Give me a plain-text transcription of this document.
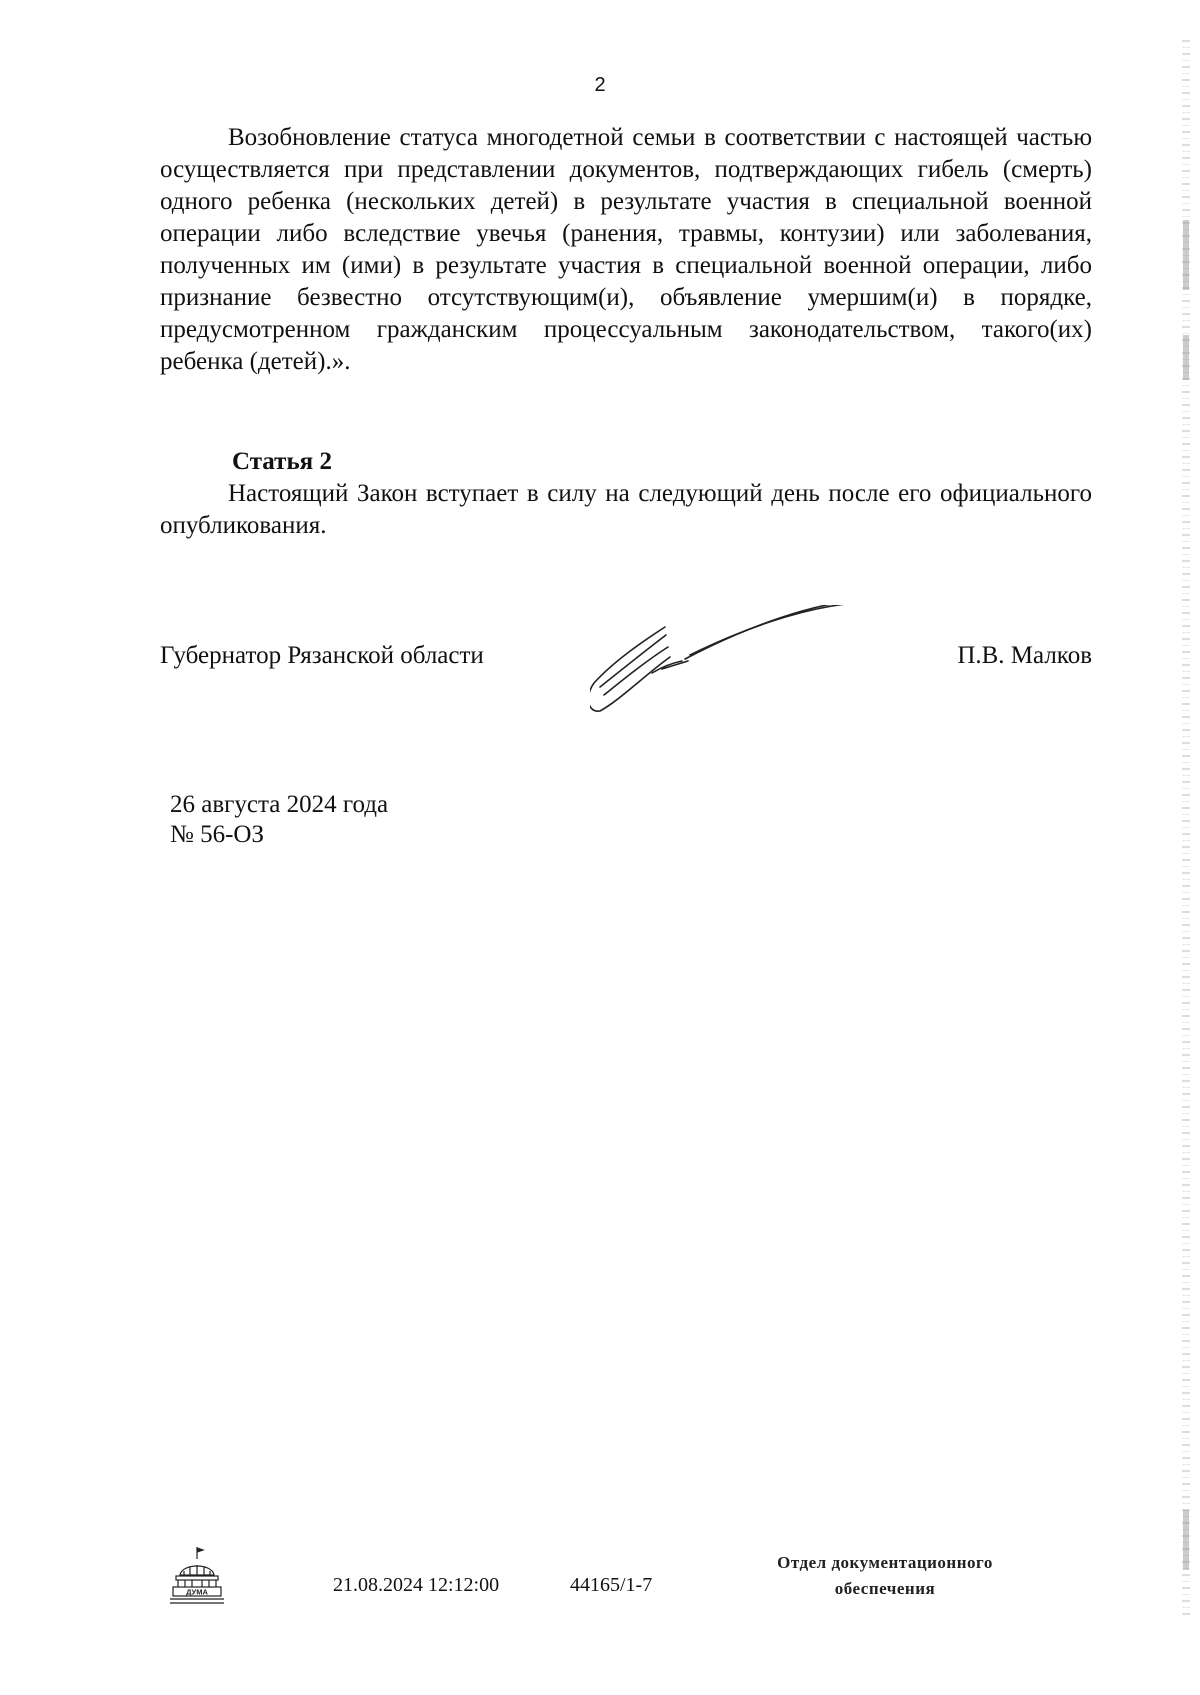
2

Возобновление статуса многодетной семьи в соответствии с настоящей частью осуществляется при представлении документов, подтверждающих гибель (смерть) одного ребенка (нескольких детей) в результате участия в специальной военной операции либо вследствие увечья (ранения, травмы, контузии) или заболевания, полученных им (ими) в результате участия в специальной военной операции, либо признание безвестно отсутствующим(и), объявление умершим(и) в порядке, предусмотренном гражданским процессуальным законодательством, такого(их) ребенка (детей).».

Статья 2

Настоящий Закон вступает в силу на следующий день после его официального опубликования.

Губернатор Рязанской области	П.В. Малков
26 августа 2024 года
№ 56-ОЗ
ДУМА	21.08.2024 12:12:00	44165/1-7
Отдел документационного
обеспечения
